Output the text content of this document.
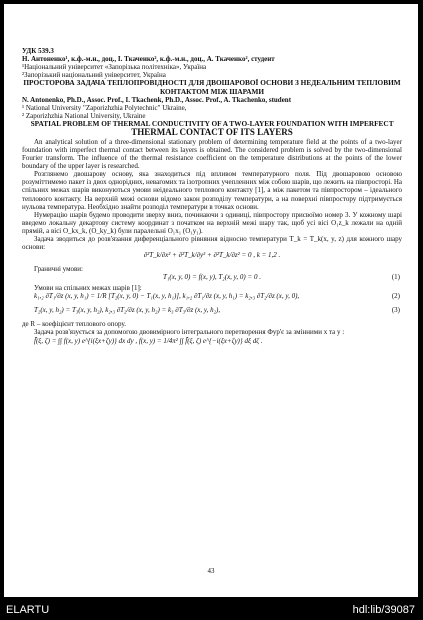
УДК 539.3
Н. Антоненко¹, к.ф.-м.н., доц., І. Ткаченко², к.ф.-м.н., доц., А. Ткаченко², студент
¹Національний університет «Запорізька політехніка», Україна
²Запорізький національний університет, Україна
ПРОСТОРОВА ЗАДАЧА ТЕПЛОПРОВІДНОСТІ ДЛЯ ДВОШАРОВОЇ ОСНОВИ З НЕДЕАЛЬНИМ ТЕПЛОВИМ КОНТАКТОМ МІЖ ШАРАМИ
N. Antonenko, Ph.D., Assoc. Prof., I. Tkachenk, Ph.D., Assoc. Prof., A. Tkachenko, student
¹ National University "Zaporizhzhia Polytechnic" Ukraine,
² Zaporizhzhia National University, Ukraine
SPATIAL PROBLEM OF THERMAL CONDUCTIVITY OF A TWO-LAYER FOUNDATION WITH IMPERFECT THERMAL CONTACT OF ITS LAYERS

An analytical solution of a three-dimensional stationary problem of determining temperature field at the points of a two-layer foundation with imperfect thermal contact between its layers is obtained. The considered problem is solved by the two-dimensional Fourier transform. The influence of the thermal resistance coefficient on the temperature distributions at the points of the lower boundary of the upper layer is researched.

Розглянемо двошарову основу, яка знаходиться під впливом температурного поля. Під двошаровою основою розуміттимемо пакет із двох однорідних, невагомих та ізотропних учепленних між собою шарів, що лежить на півпросторі. На спільних межах шарів виконуються умови неідеального теплового контакту [1], а між пакетом та півпростором – ідеального теплового контакту. На верхній межі основи відомо закон розподілу температури, а на поверхні півпростору підтримується нульова температура. Необхідно знайти розподіл температури в точках основи.

Нумерацію шарів будемо проводити зверху вниз, починаючи з одиниці, півпростору присвоїмо номер 3. У кожному шарі введемо локальну декартову систему координат з початком на верхній межі шару так, щоб усі вісі O₁z_k лежали на одній прямій, а вісі O_kx_k, (O_ky_k) були паралельні O₁x₁ (O₁y₁).

Задача зводиться до розв'язання диференціального рівняння відносно температури T_k = T_k(x, y, z) для кожного шару основи:

∂²T_k/∂x² + ∂²T_k/∂y² + ∂²T_k/∂z² = 0 , k = 1,2 .
Граничні умови:
T₁(x, y, 0) = f(x, y), T₂(x, y, 0) = 0 .	(1)
Умови на спільних межах шарів [1]:
k₁,₂ ∂T₁/∂z (x, y, h₁) = 1/R [T₂(x, y, 0) − T₁(x, y, h₁)], k₁,₂ ∂T₁/∂z (x, y, h₁) = k₂,₃ ∂T₂/∂z (x, y, 0),	(2)
T₂(x, y, h₂) = T₃(x, y, h₂), k₂,₃ ∂T₂/∂z (x, y, h₂) = k₃ ∂T₃/∂z (x, y, h₂),	(3)
де R – коефіцієнт теплового опору.

Задача розв'язується за допомогою двовимірного інтегрального перетворення Фур'є за змінними x та y :

f̄(ξ, ζ) = ∫∫ f(x, y) e^{i(ξx+ζy)} dx dy , f(x, y) = 1/4π² ∫∫ f̄(ξ, ζ) e^{−i(ξx+ζy)} dξ dζ .
43
ELARTU	hdl:lib/39087
